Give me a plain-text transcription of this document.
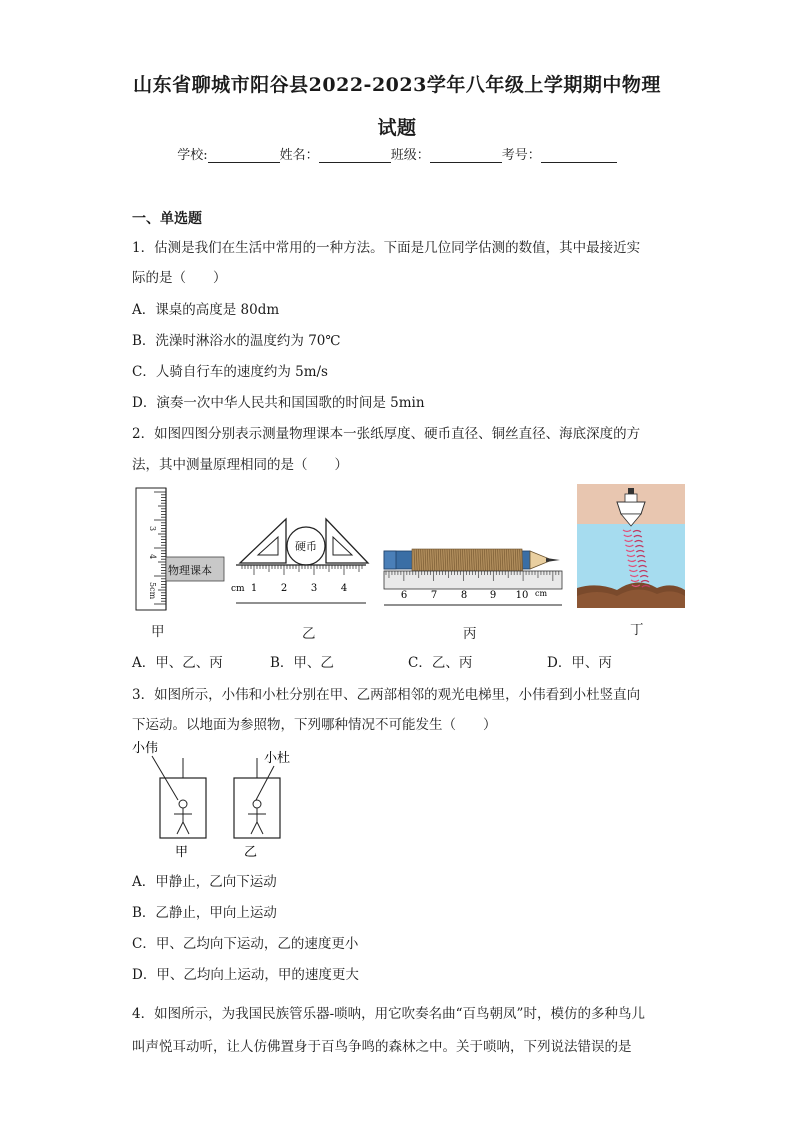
山东省聊城市阳谷县2022-2023学年八年级上学期期中物理
试题
学校:	姓名：	班级：	考号：
一、单选题
1．估测是我们在生活中常用的一种方法。下面是几位同学估测的数值，其中最接近实
际的是（　　）
A．课桌的高度是 80dm
B．洗澡时淋浴水的温度约为 70℃
C．人骑自行车的速度约为 5m/s
D．演奏一次中华人民共和国国歌的时间是 5min
2．如图四图分别表示测量物理课本一张纸厚度、硬币直径、铜丝直径、海底深度的方
法，其中测量原理相同的是（　　）
物理课本
3
4
5cm
硬币
cm 1 2 3 4
6 7 8 9 10 cm
甲	乙	丙	丁
A．甲、乙、丙	B．甲、乙	C．乙、丙	D．甲、丙
3．如图所示，小伟和小杜分别在甲、乙两部相邻的观光电梯里，小伟看到小杜竖直向
下运动。以地面为参照物，下列哪种情况不可能发生（　　）
小伟
小杜
甲	乙
A．甲静止，乙向下运动
B．乙静止，甲向上运动
C．甲、乙均向下运动，乙的速度更小
D．甲、乙均向上运动，甲的速度更大
4．如图所示，为我国民族管乐器-唢呐，用它吹奏名曲“百鸟朝凤”时，模仿的多种鸟儿
叫声悦耳动听，让人仿佛置身于百鸟争鸣的森林之中。关于唢呐，下列说法错误的是
